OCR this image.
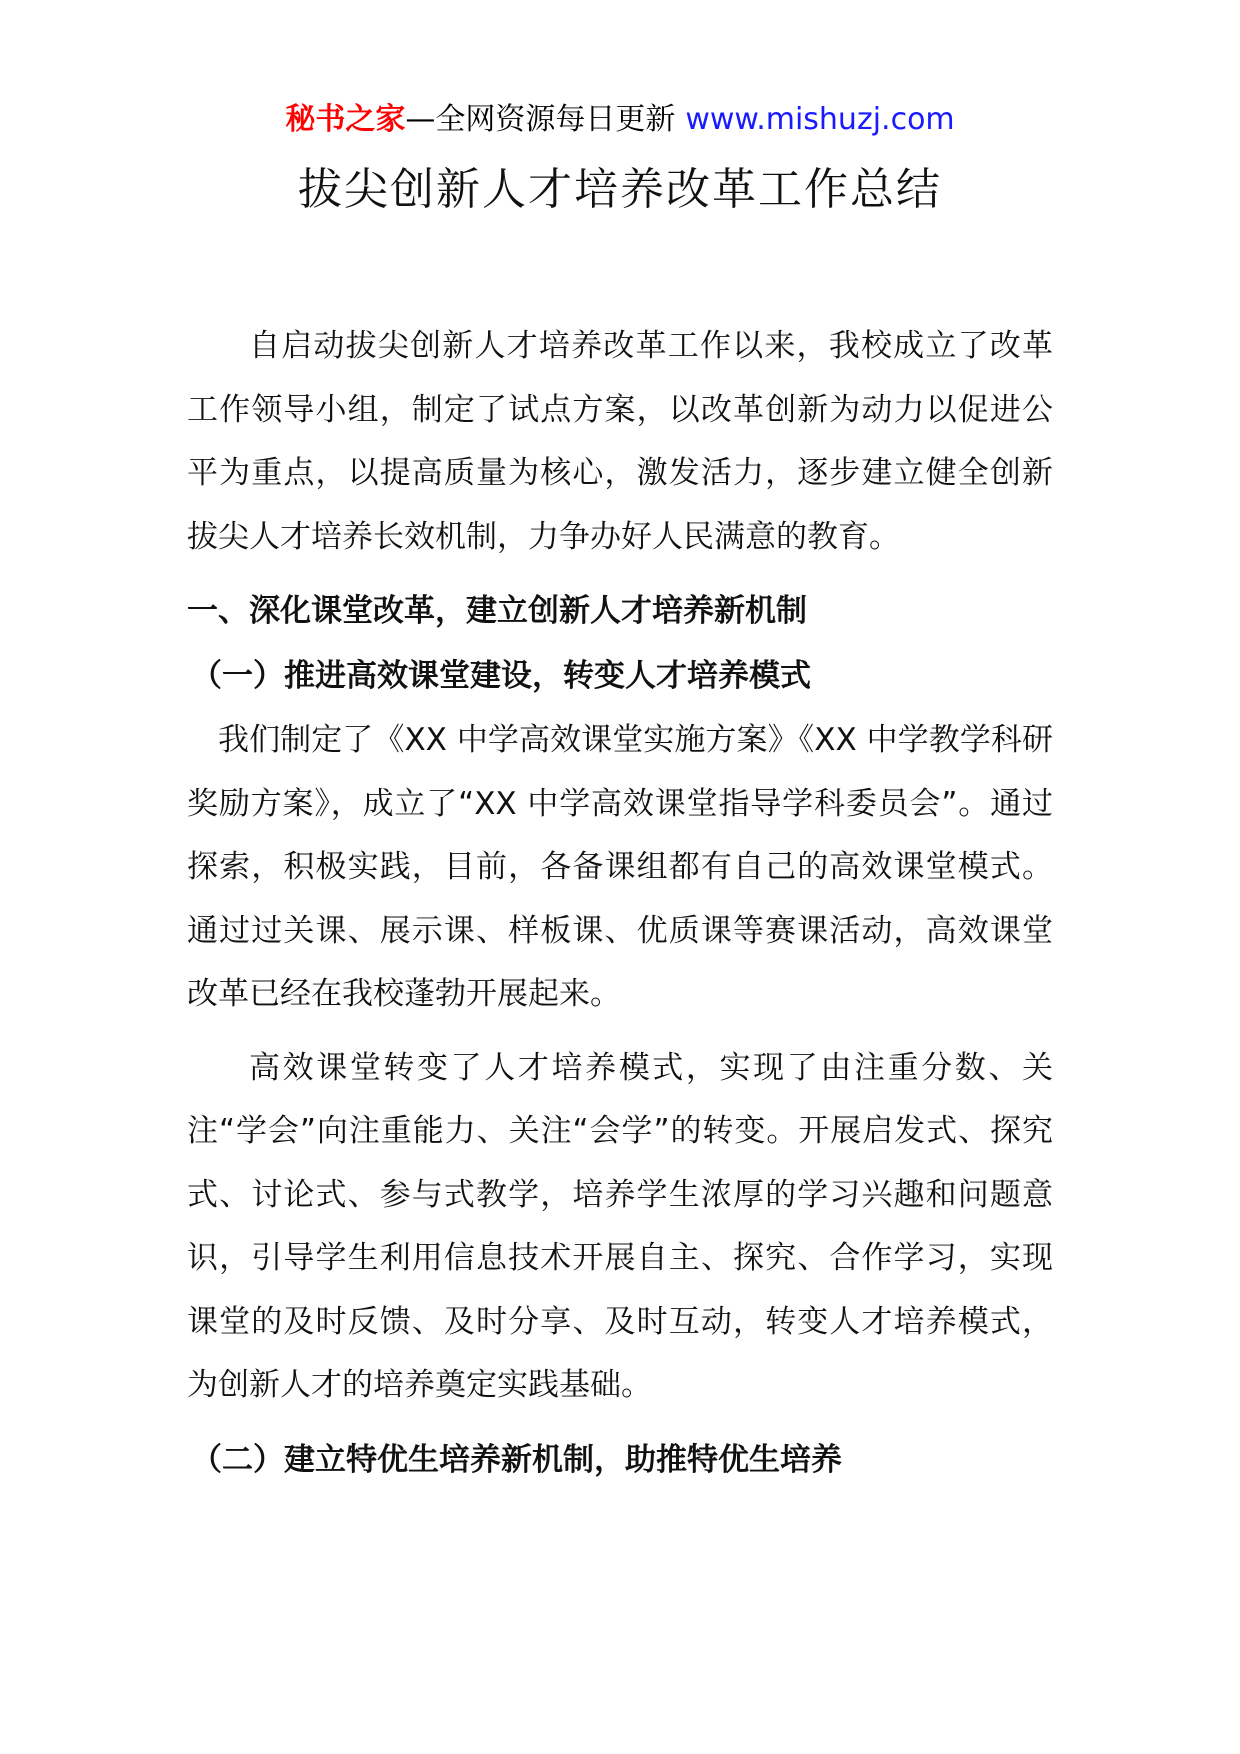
秘书之家—全网资源每日更新 www.mishuzj.com
拔尖创新人才培养改革工作总结

自启动拔尖创新人才培养改革工作以来，我校成立了改革工作领导小组，制定了试点方案，以改革创新为动力以促进公平为重点，以提高质量为核心，激发活力，逐步建立健全创新拔尖人才培养长效机制，力争办好人民满意的教育。

一、深化课堂改革，建立创新人才培养新机制
（一）推进高效课堂建设，转变人才培养模式

我们制定了《XX 中学高效课堂实施方案》《XX 中学教学科研奖励方案》，成立了“XX 中学高效课堂指导学科委员会”。通过探索，积极实践，目前，各备课组都有自己的高效课堂模式。通过过关课、展示课、样板课、优质课等赛课活动，高效课堂改革已经在我校蓬勃开展起来。

高效课堂转变了人才培养模式，实现了由注重分数、关注“学会”向注重能力、关注“会学”的转变。开展启发式、探究式、讨论式、参与式教学，培养学生浓厚的学习兴趣和问题意识，引导学生利用信息技术开展自主、探究、合作学习，实现课堂的及时反馈、及时分享、及时互动，转变人才培养模式，为创新人才的培养奠定实践基础。

（二）建立特优生培养新机制，助推特优生培养
